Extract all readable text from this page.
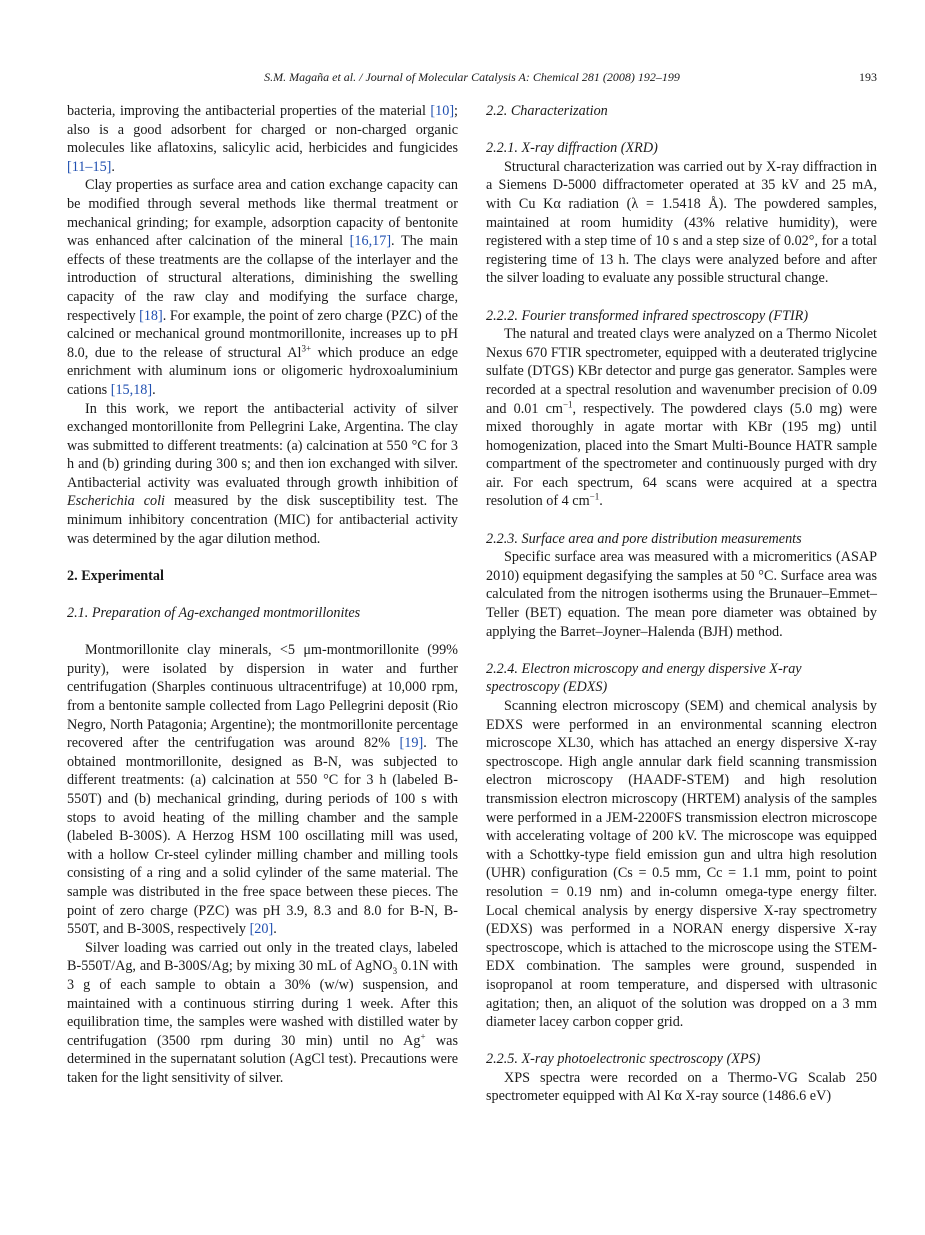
S.M. Magaña et al. / Journal of Molecular Catalysis A: Chemical 281 (2008) 192–199	193

bacteria, improving the antibacterial properties of the material [10]; also is a good adsorbent for charged or non-charged organic molecules like aflatoxins, salicylic acid, herbicides and fungicides [11–15].

Clay properties as surface area and cation exchange capacity can be modified through several methods like thermal treatment or mechanical grinding; for example, adsorption capacity of bentonite was enhanced after calcination of the mineral [16,17]. The main effects of these treatments are the collapse of the interlayer and the introduction of structural alterations, diminishing the swelling capacity of the raw clay and modifying the surface charge, respectively [18]. For example, the point of zero charge (PZC) of the calcined or mechanical ground montmorillonite, increases up to pH 8.0, due to the release of structural $Al^{3+}$ which produce an edge enrichment with aluminum ions or oligomeric hydroxoaluminium cations [15,18].

In this work, we report the antibacterial activity of silver exchanged montorillonite from Pellegrini Lake, Argentina. The clay was submitted to different treatments: (a) calcination at 550 °C for 3 h and (b) grinding during 300 s; and then ion exchanged with silver. Antibacterial activity was evaluated through growth inhibition of Escherichia coli measured by the disk susceptibility test. The minimum inhibitory concentration (MIC) for antibacterial activity was determined by the agar dilution method.

2. Experimental
2.1. Preparation of Ag-exchanged montmorillonites

Montmorillonite clay minerals, <5 μm-montmorillonite (99% purity), were isolated by dispersion in water and further centrifugation (Sharples continuous ultracentrifuge) at 10,000 rpm, from a bentonite sample collected from Lago Pellegrini deposit (Rio Negro, North Patagonia; Argentine); the montmorillonite percentage recovered after the centrifugation was around 82% [19]. The obtained montmorillonite, designed as B-N, was subjected to different treatments: (a) calcination at 550 °C for 3 h (labeled B-550T) and (b) mechanical grinding, during periods of 100 s with stops to avoid heating of the milling chamber and the sample (labeled B-300S). A Herzog HSM 100 oscillating mill was used, with a hollow Cr-steel cylinder milling chamber and milling tools consisting of a ring and a solid cylinder of the same material. The sample was distributed in the free space between these pieces. The point of zero charge (PZC) was pH 3.9, 8.3 and 8.0 for B-N, B-550T, and B-300S, respectively [20].

Silver loading was carried out only in the treated clays, labeled B-550T/Ag, and B-300S/Ag; by mixing 30 mL of AgNO$_3$ 0.1N with 3 g of each sample to obtain a 30% (w/w) suspension, and maintained with a continuous stirring during 1 week. After this equilibration time, the samples were washed with distilled water by centrifugation (3500 rpm during 30 min) until no Ag+ was determined in the supernatant solution (AgCl test). Precautions were taken for the light sensitivity of silver.

2.2. Characterization
2.2.1. X-ray diffraction (XRD)

Structural characterization was carried out by X-ray diffraction in a Siemens D-5000 diffractometer operated at 35 kV and 25 mA, with Cu Kα radiation (λ = 1.5418 Å). The powdered samples, maintained at room humidity (43% relative humidity), were registered with a step time of 10 s and a step size of 0.02°, for a total registering time of 13 h. The clays were analyzed before and after the silver loading to evaluate any possible structural change.

2.2.2. Fourier transformed infrared spectroscopy (FTIR)

The natural and treated clays were analyzed on a Thermo Nicolet Nexus 670 FTIR spectrometer, equipped with a deuterated triglycine sulfate (DTGS) KBr detector and purge gas generator. Samples were recorded at a spectral resolution and wavenumber precision of 0.09 and 0.01 $cm^{-1}$, respectively. The powdered clays (5.0 mg) were mixed thoroughly in agate mortar with KBr (195 mg) until homogenization, placed into the Smart Multi-Bounce HATR sample compartment of the spectrometer and continuously purged with dry air. For each spectrum, 64 scans were acquired at a spectra resolution of 4 $cm^{-1}$.

2.2.3. Surface area and pore distribution measurements

Specific surface area was measured with a micromeritics (ASAP 2010) equipment degasifying the samples at 50 °C. Surface area was calculated from the nitrogen isotherms using the Brunauer–Emmet–Teller (BET) equation. The mean pore diameter was obtained by applying the Barret–Joyner–Halenda (BJH) method.

2.2.4. Electron microscopy and energy dispersive X-ray spectroscopy (EDXS)

Scanning electron microscopy (SEM) and chemical analysis by EDXS were performed in an environmental scanning electron microscope XL30, which has attached an energy dispersive X-ray spectroscope. High angle annular dark field scanning transmission electron microscopy (HAADF-STEM) and high resolution transmission electron microscopy (HRTEM) analysis of the samples were performed in a JEM-2200FS transmission electron microscope with accelerating voltage of 200 kV. The microscope was equipped with a Schottky-type field emission gun and ultra high resolution (UHR) configuration (Cs = 0.5 mm, Cc = 1.1 mm, point to point resolution = 0.19 nm) and in-column omega-type energy filter. Local chemical analysis by energy dispersive X-ray spectrometry (EDXS) was performed in a NORAN energy dispersive X-ray spectroscope, which is attached to the microscope using the STEM-EDX combination. The samples were ground, suspended in isopropanol at room temperature, and dispersed with ultrasonic agitation; then, an aliquot of the solution was dropped on a 3 mm diameter lacey carbon copper grid.

2.2.5. X-ray photoelectronic spectroscopy (XPS)

XPS spectra were recorded on a Thermo-VG Scalab 250 spectrometer equipped with Al Kα X-ray source (1486.6 eV)
